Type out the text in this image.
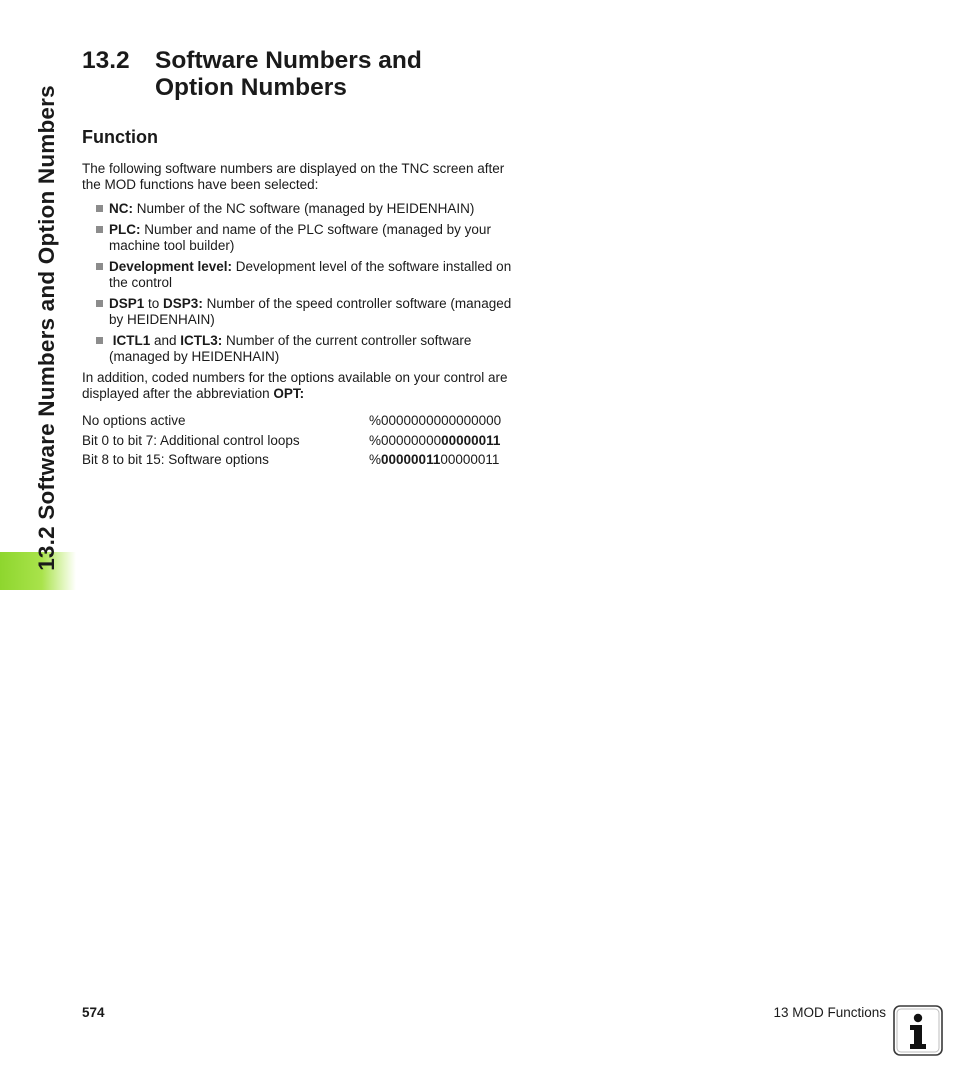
13.2 Software Numbers and Option Numbers
13.2	Software Numbers and Option Numbers
Function

The following software numbers are displayed on the TNC screen after the MOD functions have been selected:

NC: Number of the NC software (managed by HEIDENHAIN)
PLC: Number and name of the PLC software (managed by your machine tool builder)
Development level: Development level of the software installed on the control
DSP1 to DSP3: Number of the speed controller software (managed by HEIDENHAIN)
ICTL1 and ICTL3: Number of the current controller software (managed by HEIDENHAIN)

In addition, coded numbers for the options available on your control are displayed after the abbreviation OPT:

No options active	%0000000000000000
Bit 0 to bit 7: Additional control loops	%0000000000000011
Bit 8 to bit 15: Software options	%0000001100000011
574	13 MOD Functions
